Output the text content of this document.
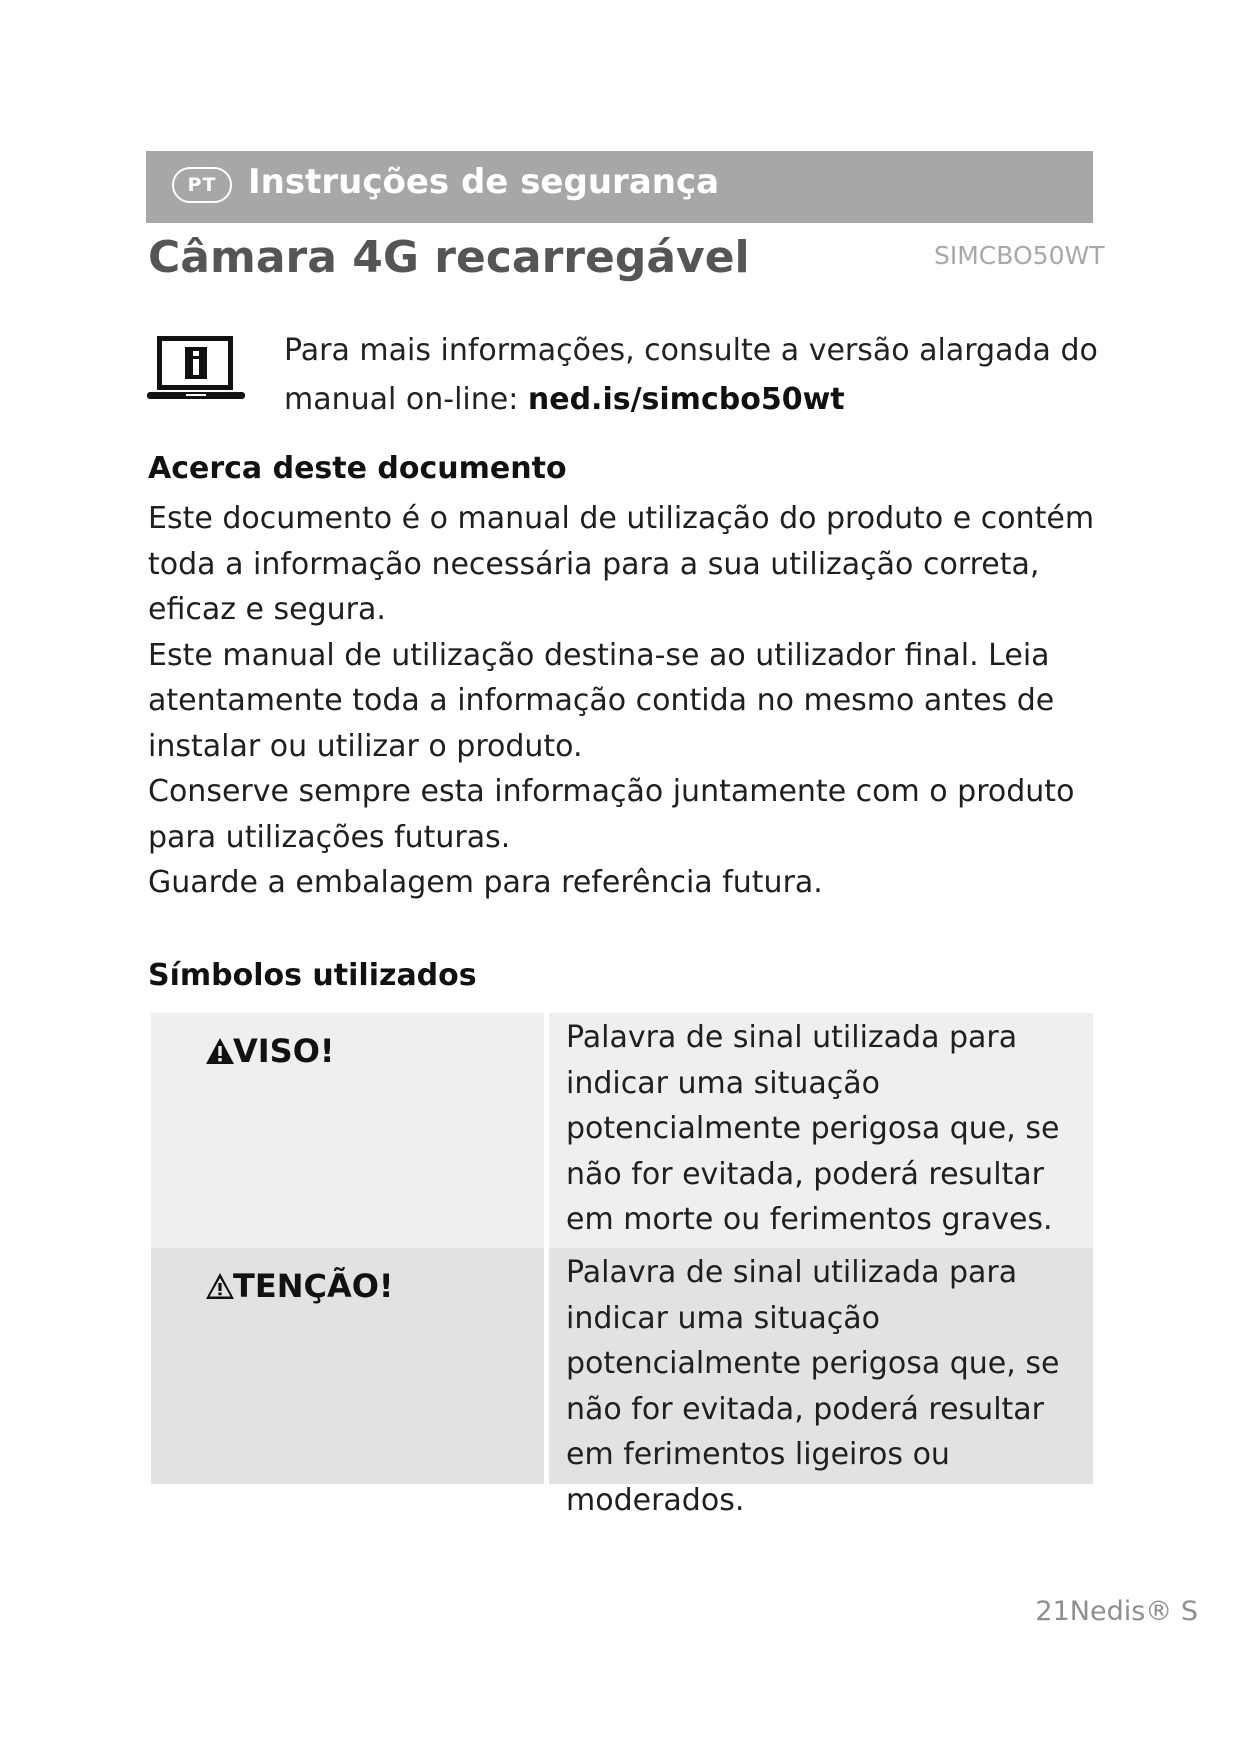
PT Instruções de segurança
Câmara 4G recarregável	SIMCBO50WT
Para mais informações, consulte a versão alargada do manual on-line: ned.is/simcbo50wt
Acerca deste documento

Este documento é o manual de utilização do produto e contém toda a informação necessária para a sua utilização correta, eficaz e segura.

Este manual de utilização destina-se ao utilizador final. Leia atentamente toda a informação contida no mesmo antes de instalar ou utilizar o produto.

Conserve sempre esta informação juntamente com o produto para utilizações futuras.

Guarde a embalagem para referência futura.

Símbolos utilizados
VISO!	Palavra de sinal utilizada para indicar uma situação potencialmente perigosa que, se não for evitada, poderá resultar em morte ou ferimentos graves.
TENÇÃO!	Palavra de sinal utilizada para indicar uma situação potencialmente perigosa que, se não for evitada, poderá resultar em ferimentos ligeiros ou moderados.
21Nedis® S
